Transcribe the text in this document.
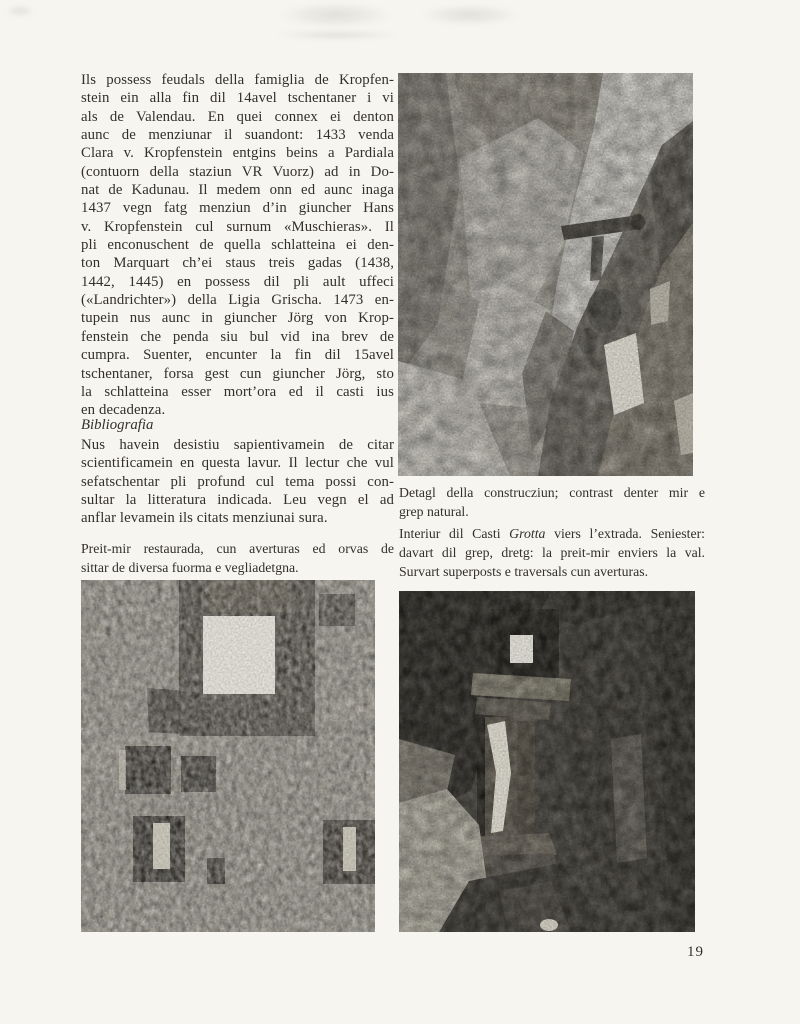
Ils possess feudals della famiglia de Kropfen-
stein ein alla fin dil 14avel tschentaner i vi
als de Valendau. En quei connex ei denton
aunc de menziunar il suandont: 1433 venda
Clara v. Kropfenstein entgins beins a Pardiala
(contuorn della staziun VR Vuorz) ad in Do-
nat de Kadunau. Il medem onn ed aunc inaga
1437 vegn fatg menziun d’in giuncher Hans
v. Kropfenstein cul surnum «Muschieras». Il
pli enconuschent de quella schlatteina ei den-
ton Marquart ch’ei staus treis gadas (1438,
1442, 1445) en possess dil pli ault uffeci
(«Landrichter») della Ligia Grischa. 1473 en-
tupein nus aunc in giuncher Jörg von Krop-
fenstein che penda siu bul vid ina brev de
cumpra. Suenter, encunter la fin dil 15avel
tschentaner, forsa gest cun giuncher Jörg, sto
la schlatteina esser mort’ora ed il casti ius
en decadenza.
Bibliografia
Nus havein desistiu sapientivamein de citar
scientificamein en questa lavur. Il lectur che vul
sefatschentar pli profund cul tema possi con-
sultar la litteratura indicada. Leu vegn el ad
anflar levamein ils citats menziunai sura.
Preit-mir restaurada, cun averturas ed orvas de
sittar de diversa fuorma e vegliadetgna.
Detagl della construcziun; contrast denter mir e
grep natural.
Interiur dil Casti Grotta viers l’extrada. Seniester:
davart dil grep, dretg: la preit-mir enviers la val.
Survart superposts e traversals cun averturas.
19
